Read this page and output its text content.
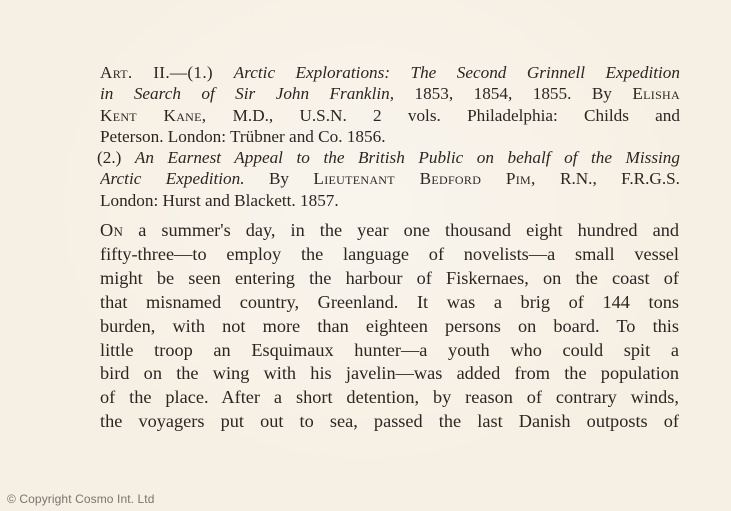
Art. II.—(1.) Arctic Explorations: The Second Grinnell Expedition
in Search of Sir John Franklin, 1853, 1854, 1855. By Elisha
Kent Kane, M.D., U.S.N. 2 vols. Philadelphia: Childs and
Peterson. London: Trübner and Co. 1856.
(2.) An Earnest Appeal to the British Public on behalf of the Missing
Arctic Expedition. By Lieutenant Bedford Pim, R.N., F.R.G.S.
London: Hurst and Blackett. 1857.
On a summer's day, in the year one thousand eight hundred and
fifty-three—to employ the language of novelists—a small vessel
might be seen entering the harbour of Fiskernaes, on the coast of
that misnamed country, Greenland. It was a brig of 144 tons
burden, with not more than eighteen persons on board. To this
little troop an Esquimaux hunter—a youth who could spit a
bird on the wing with his javelin—was added from the population
of the place. After a short detention, by reason of contrary winds,
the voyagers put out to sea, passed the last Danish outposts of
© Copyright Cosmo Int. Ltd
